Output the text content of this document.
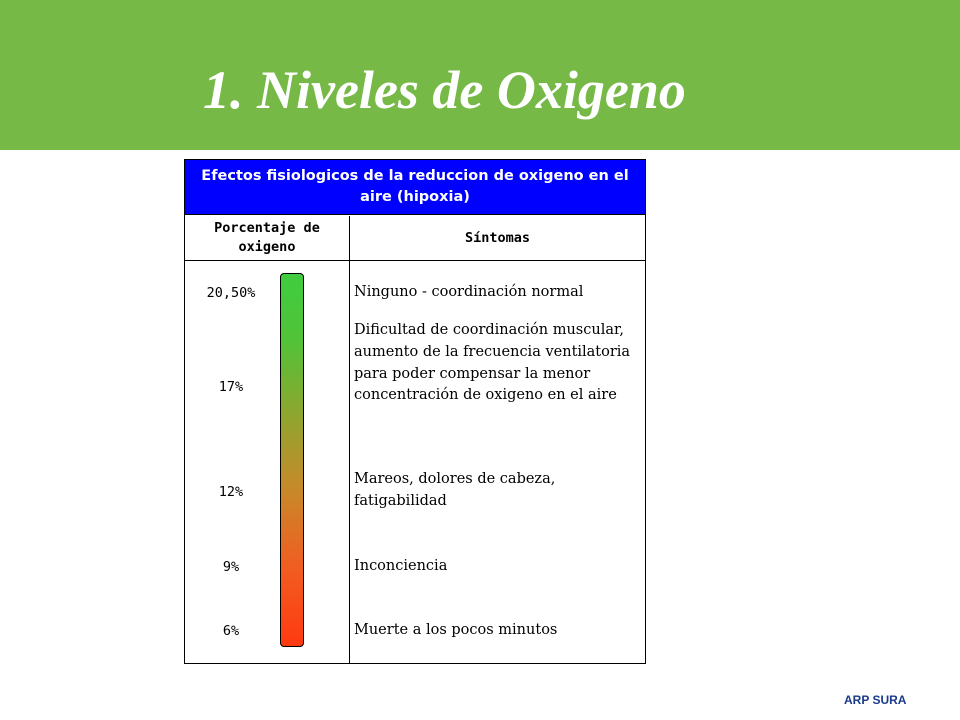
1. Niveles de Oxigeno
Efectos fisiologicos de la reduccion de oxigeno en el aire (hipoxia)
Porcentaje de oxigeno
Síntomas
20,50%
17%
12%
9%
6%
Ninguno - coordinación normal
Dificultad de coordinación muscular, aumento de la frecuencia ventilatoria para poder compensar la menor concentración de oxigeno en el aire
Mareos, dolores de cabeza, fatigabilidad
Inconciencia
Muerte a los pocos minutos
ARP SURA
